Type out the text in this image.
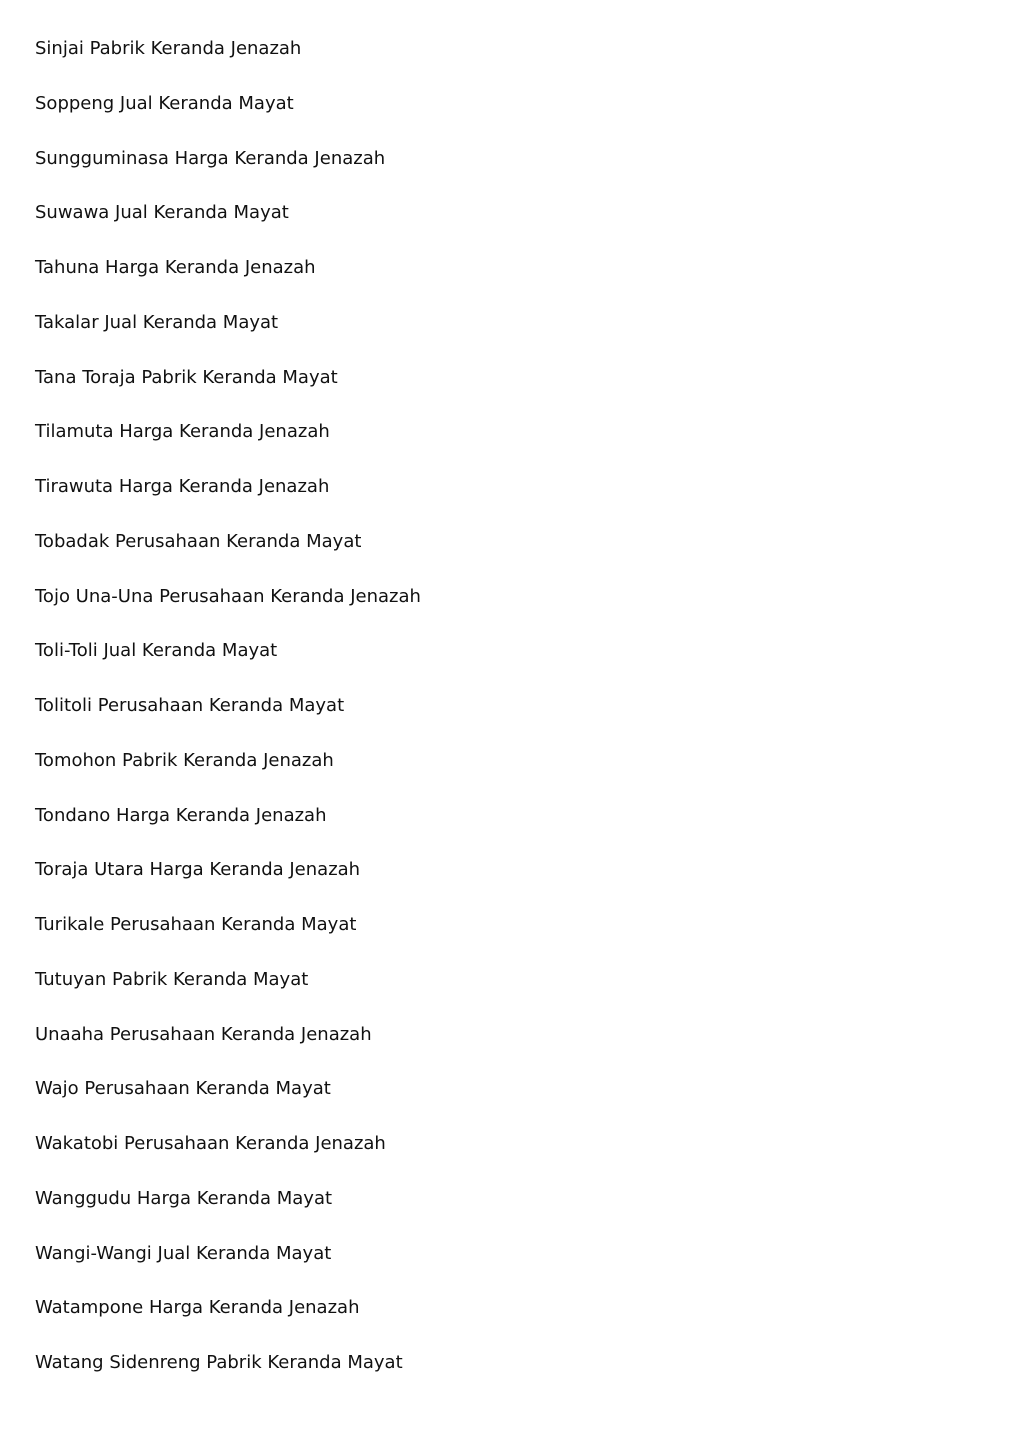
Sinjai Pabrik Keranda Jenazah
Soppeng Jual Keranda Mayat
Sungguminasa Harga Keranda Jenazah
Suwawa Jual Keranda Mayat
Tahuna Harga Keranda Jenazah
Takalar Jual Keranda Mayat
Tana Toraja Pabrik Keranda Mayat
Tilamuta Harga Keranda Jenazah
Tirawuta Harga Keranda Jenazah
Tobadak Perusahaan Keranda Mayat
Tojo Una-Una Perusahaan Keranda Jenazah
Toli-Toli Jual Keranda Mayat
Tolitoli Perusahaan Keranda Mayat
Tomohon Pabrik Keranda Jenazah
Tondano Harga Keranda Jenazah
Toraja Utara Harga Keranda Jenazah
Turikale Perusahaan Keranda Mayat
Tutuyan Pabrik Keranda Mayat
Unaaha Perusahaan Keranda Jenazah
Wajo Perusahaan Keranda Mayat
Wakatobi Perusahaan Keranda Jenazah
Wanggudu Harga Keranda Mayat
Wangi-Wangi Jual Keranda Mayat
Watampone Harga Keranda Jenazah
Watang Sidenreng Pabrik Keranda Mayat
